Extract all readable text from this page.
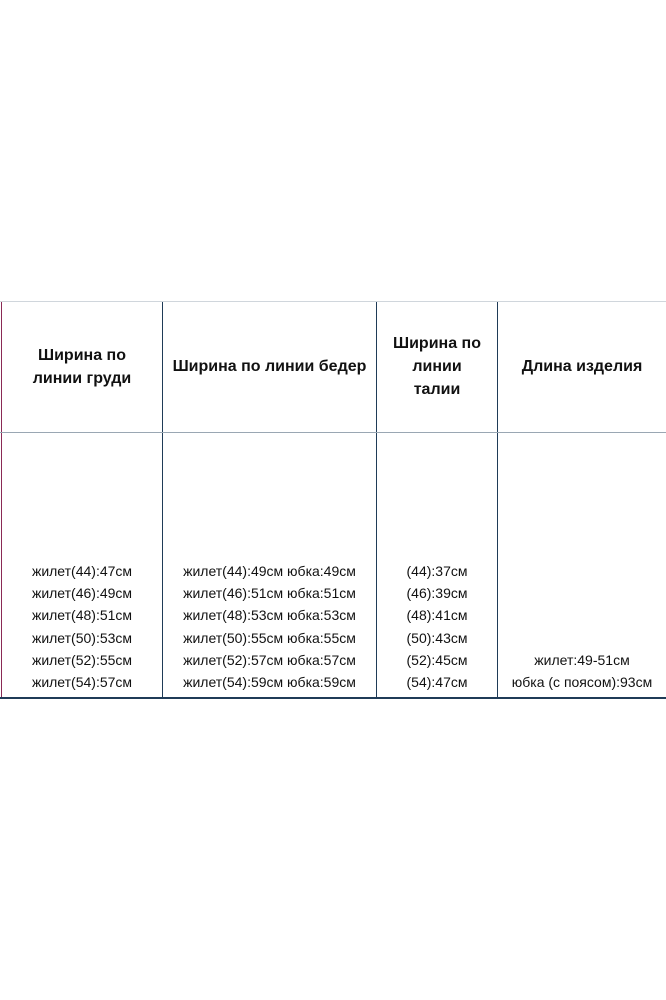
Ширина по линии груди
Ширина по линии бедер
Ширина по линии талии
Длина изделия
жилет(44):47см
жилет(46):49см
жилет(48):51см
жилет(50):53см
жилет(52):55см
жилет(54):57см
жилет(44):49см юбка:49см
жилет(46):51см юбка:51см
жилет(48):53см юбка:53см
жилет(50):55см юбка:55см
жилет(52):57см юбка:57см
жилет(54):59см юбка:59см
(44):37см
(46):39см
(48):41см
(50):43см
(52):45см
(54):47см
жилет:49-51см
юбка (с поясом):93см
